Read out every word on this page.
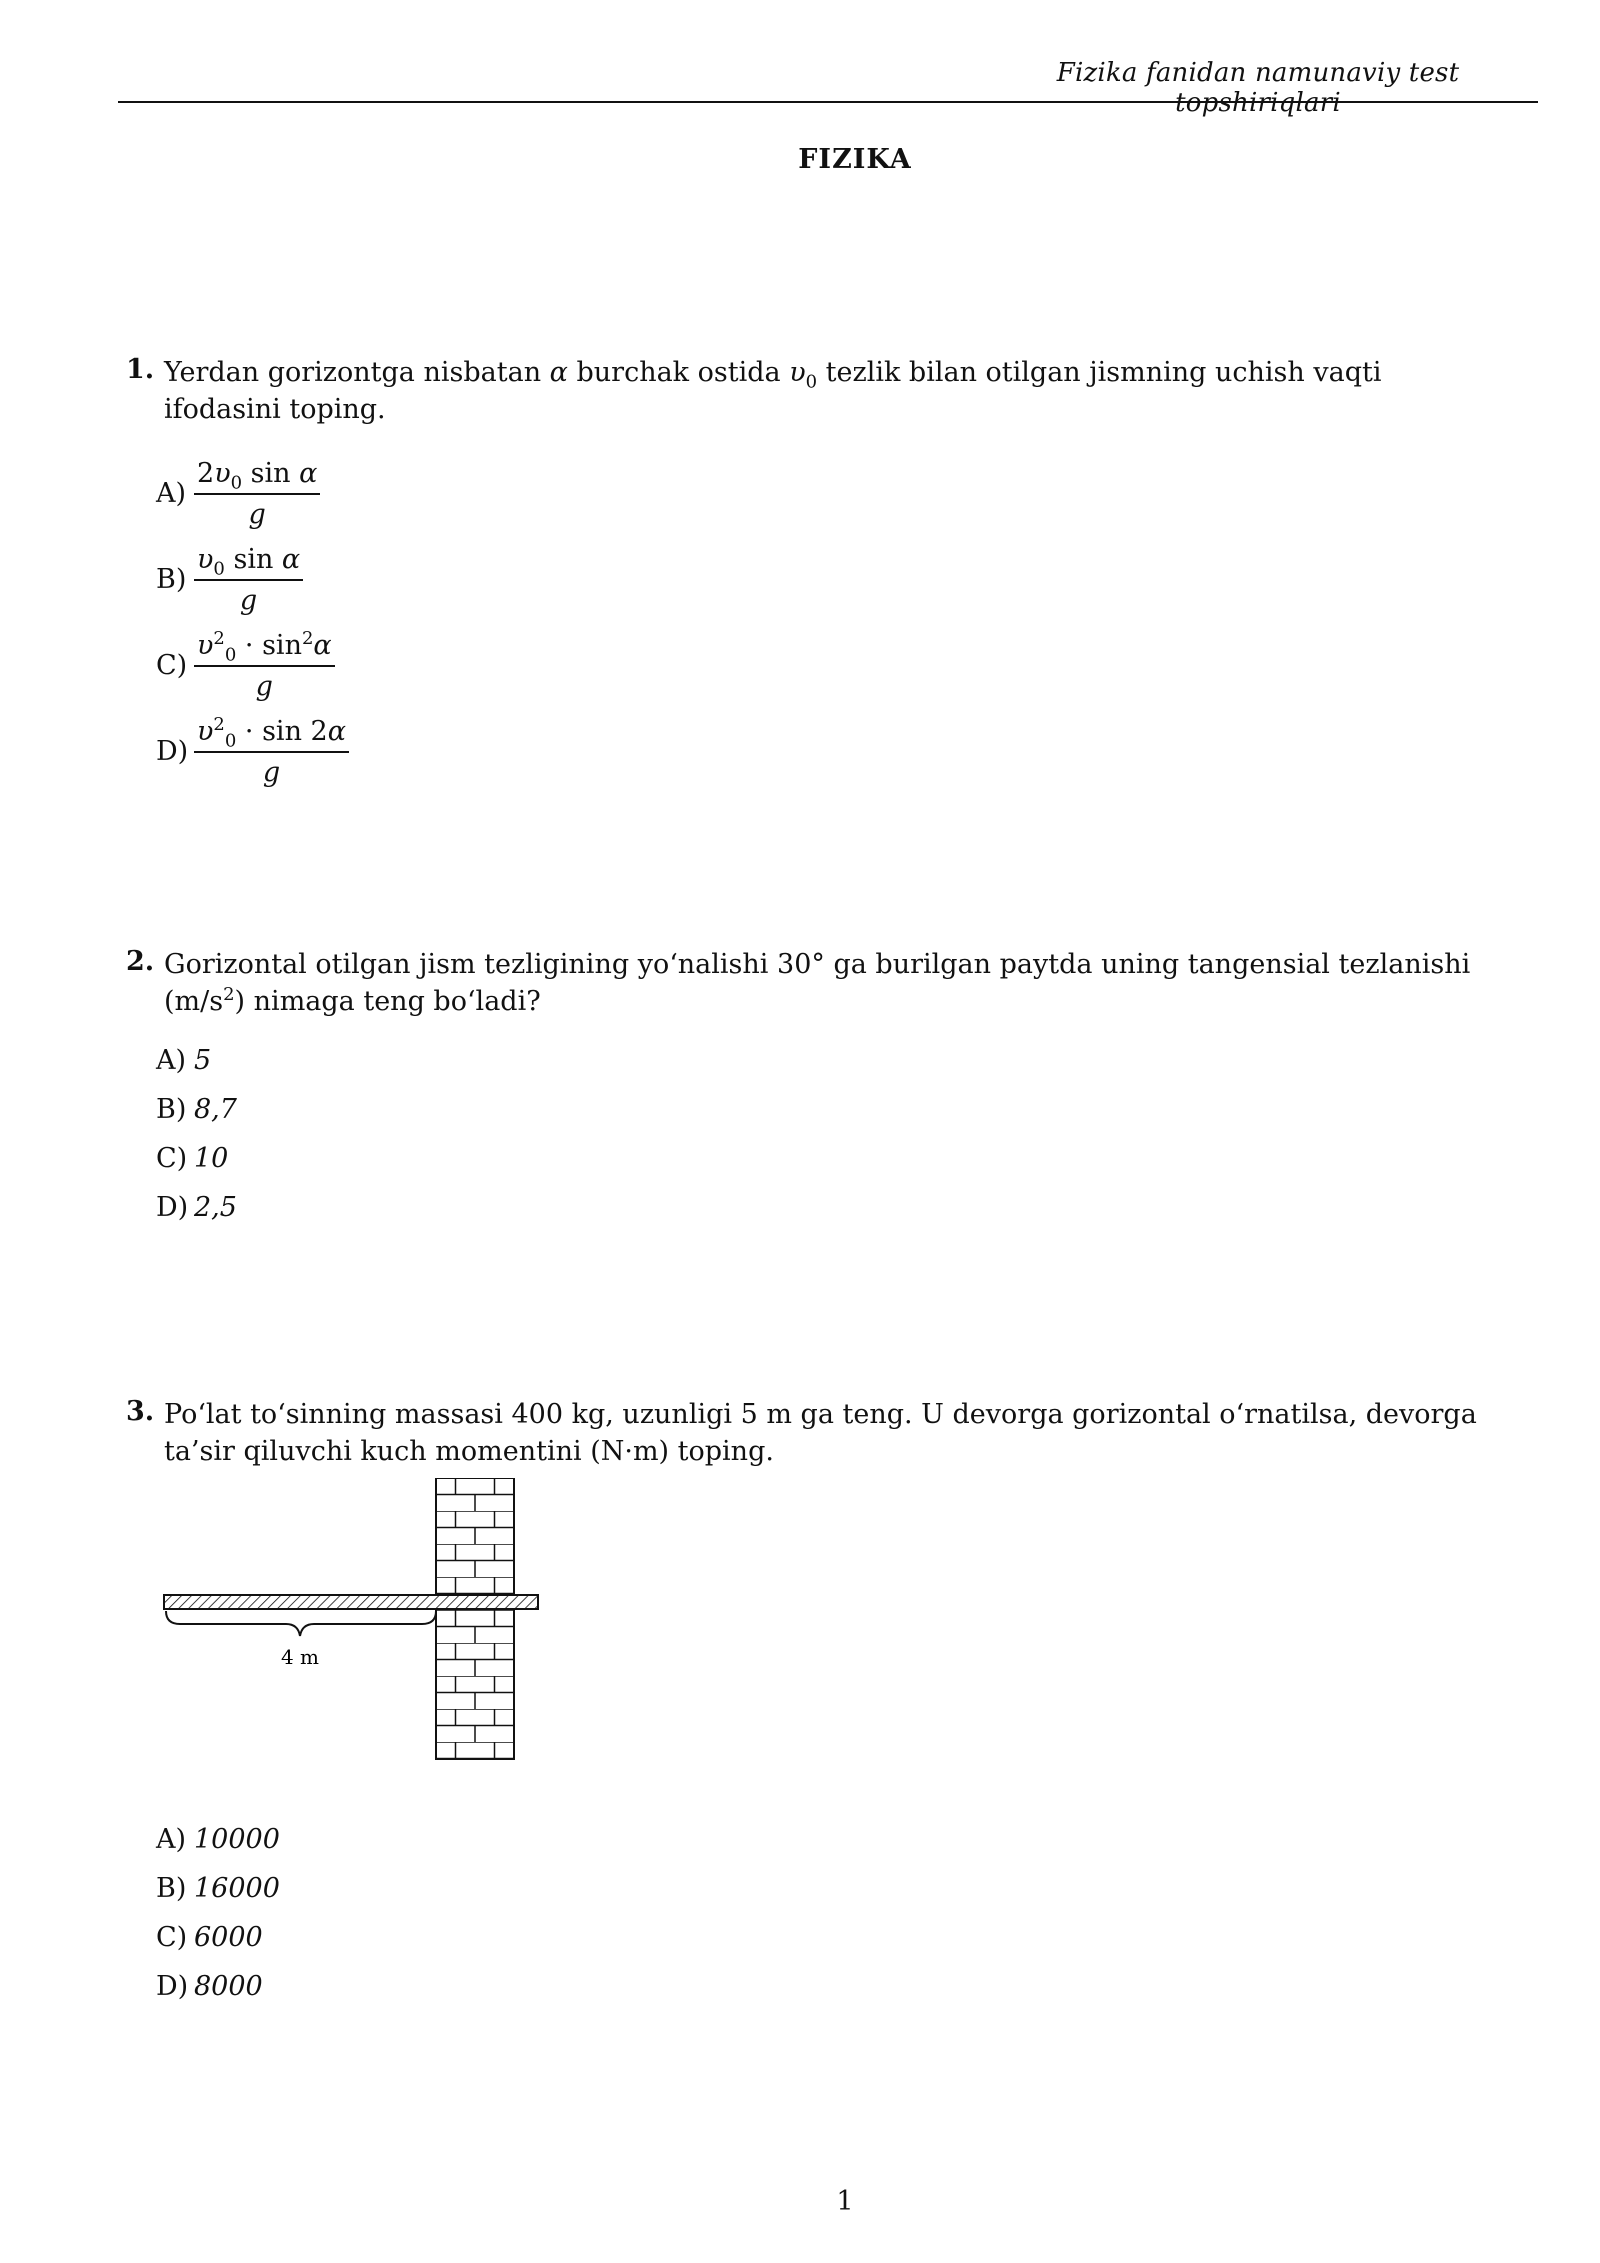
Fizika fanidan namunaviy test topshiriqlari
FIZIKA
1. Yerdan gorizontga nisbatan α burchak ostida $\upsilon_0$ tezlik bilan otilgan jismning uchish vaqti ifodasini toping.
$A) \frac{2\upsilon_0 \sin \alpha}{g}$
$B) \frac{\upsilon_0 \sin \alpha}{g}$
$C) \frac{\upsilon^2_0 \cdot \sin^2\alpha}{g}$
$D) \frac{\upsilon^2_0 \cdot \sin 2\alpha}{g}$
2. Gorizontal otilgan jism tezligining yo‘nalishi 30° ga burilgan paytda uning tangensial tezlanishi $(m/s^2)$ nimaga teng bo‘ladi?
A) 5
B) 8,7
C) 10
D) 2,5
3. Po‘lat to‘sinning massasi 400 kg, uzunligi 5 m ga teng. U devorga gorizontal o‘rnatilsa, devorga ta’sir qiluvchi kuch momentini (N·m) toping.
4 m
A) 10000
B) 16000
C) 6000
D) 8000
1
